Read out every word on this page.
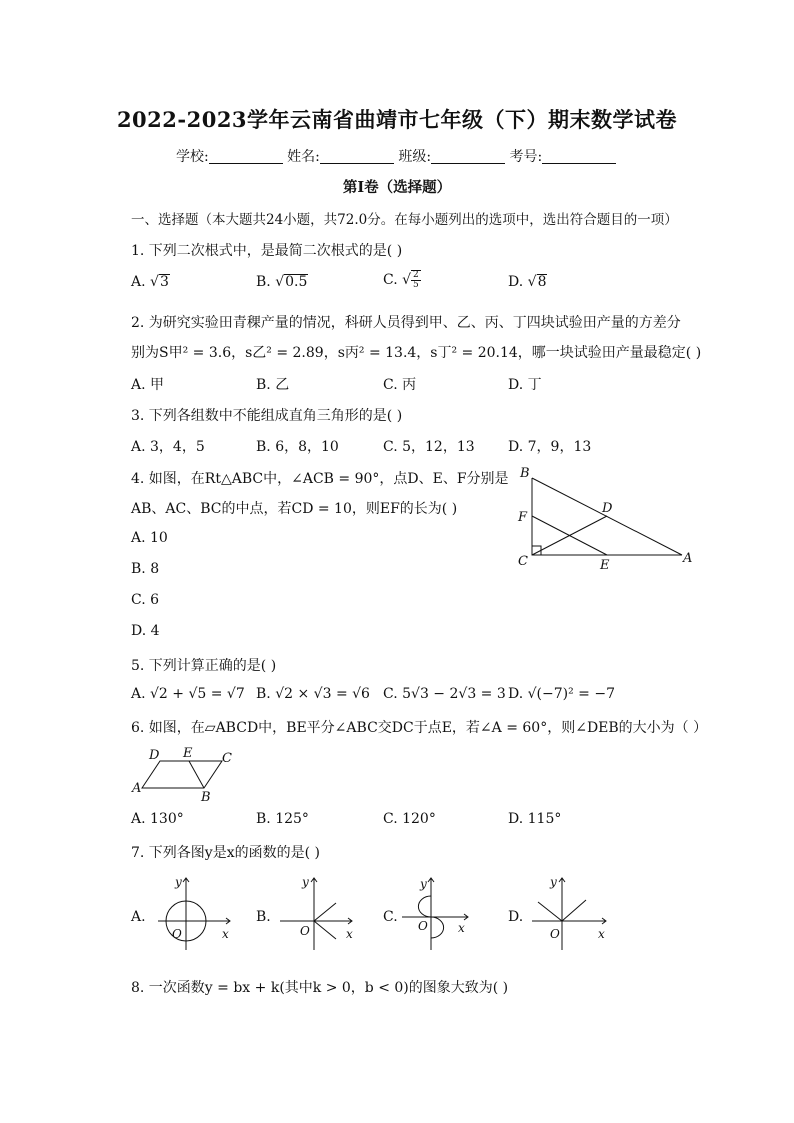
2022-2023学年云南省曲靖市七年级（下）期末数学试卷
学校:	姓名:	班级:	考号:
第Ⅰ卷（选择题）
一、选择题（本大题共24小题，共72.0分。在每小题列出的选项中，选出符合题目的一项）
1. 下列二次根式中，是最简二次根式的是( )
A. √3	B. √0.5	C. √ $\frac{2}{5}$	D. √8
2. 为研究实验田青稞产量的情况，科研人员得到甲、乙、丙、丁四块试验田产量的方差分
别为S甲² = 3.6，s乙² = 2.89，s丙² = 13.4，s丁² = 20.14，哪一块试验田产量最稳定( )
A. 甲	B. 乙	C. 丙	D. 丁
3. 下列各组数中不能组成直角三角形的是( )
A. 3，4，5	B. 6，8，10	C. 5，12，13 D. 7，9，13
4. 如图，在Rt△ABC中，∠ACB = 90°，点D、E、F分别是
AB、AC、BC的中点，若CD = 10，则EF的长为( )
A. 10
B. 8
C. 6
D. 4
B
D
F
C	E	A
5. 下列计算正确的是( )
A. √2 + √5 = √7 B. √2 × √3 = √6 C. 5√3 − 2√3 = 3 D. √(−7)² = −7
6. 如图，在▱ABCD中，BE平分∠ABC交DC于点E，若∠A = 60°，则∠DEB的大小为（ ）
D E C
A
B
A. 130°	B. 125°	C. 120°	D. 115°
7. 下列各图y是x的函数的是( )
A.
y
x
O
B.
y
x
O
C.
y
x
O
D.
y
x
O
8. 一次函数y = bx + k(其中k > 0，b < 0)的图象大致为( )
